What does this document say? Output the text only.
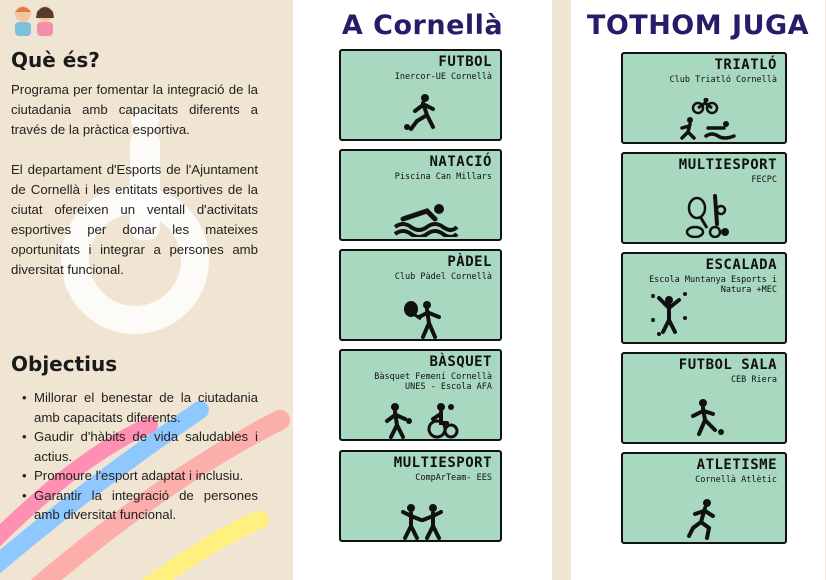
Què és?

Programa per fomentar la integració de la ciutadania amb capacitats diferents a través de la pràctica esportiva.

El departament d'Esports de l'Ajuntament de Cornellà i les entitats esportives de la ciutat ofereixen un ventall d'activitats esportives per donar les mateixes oportunitats i integrar a persones amb diversitat funcional.

Objectius
• Millorar el benestar de la ciutadania amb capacitats diferents.
• Gaudir d'hàbits de vida saludables i actius.
• Promoure l'esport adaptat i inclusiu.
• Garantir la integració de persones amb diversitat funcional.
A Cornellà
FUTBOL
Inercor-UE Cornellà
NATACIÓ
Piscina Can Millars
PÀDEL
Club Pàdel Cornellà
BÀSQUET
Bàsquet Femení Cornellà UNES - Escola AFA
MULTIESPORT
CompArTeam- EES
TOTHOM JUGA
TRIATLÓ
Club Triatló Cornellà
MULTIESPORT
FECPC
ESCALADA
Escola Muntanya Esports i Natura +MEC
FUTBOL SALA
CEB Riera
ATLETISME
Cornellà Atlètic
